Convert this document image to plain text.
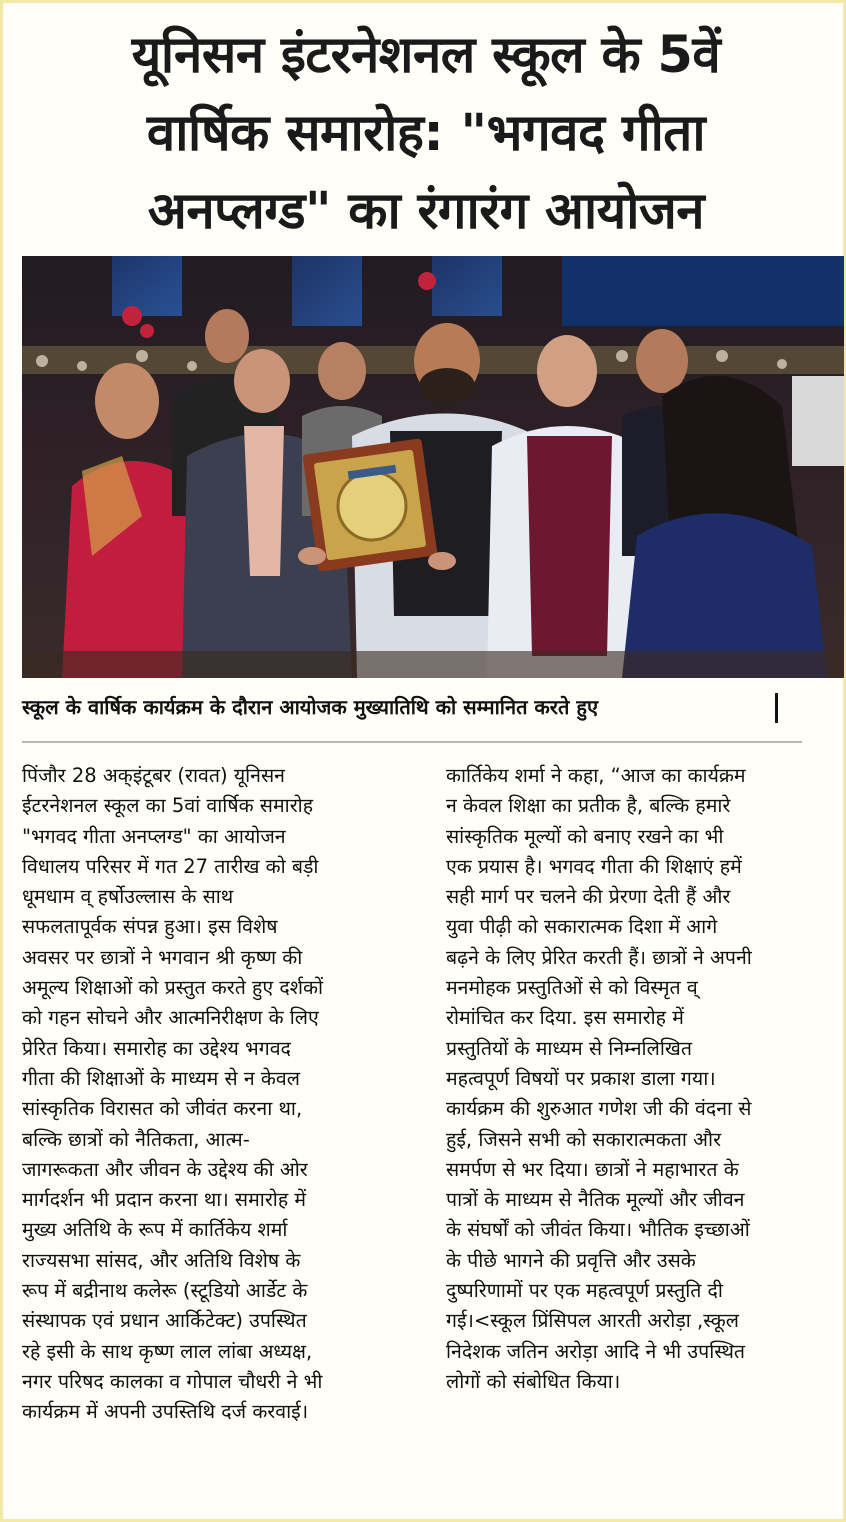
यूनिसन इंटरनेशनल स्कूल के 5वें
वार्षिक समारोह: "भगवद गीता
अनप्लग्ड" का रंगारंग आयोजन
स्कूल के वार्षिक कार्यक्रम के दौरान आयोजक मुख्यातिथि को सम्मानित करते हुए
पिंजौर 28 अक्इंटूबर (रावत) यूनिसन
ईटरनेशनल स्कूल का 5वां वार्षिक समारोह
"भगवद गीता अनप्लग्ड" का आयोजन
विधालय परिसर में गत 27 तारीख को बड़ी
धूमधाम व् हर्षोउल्लास के साथ
सफलतापूर्वक संपन्न हुआ। इस विशेष
अवसर पर छात्रों ने भगवान श्री कृष्ण की
अमूल्य शिक्षाओं को प्रस्तुत करते हुए दर्शकों
को गहन सोचने और आत्मनिरीक्षण के लिए
प्रेरित किया। समारोह का उद्देश्य भगवद
गीता की शिक्षाओं के माध्यम से न केवल
सांस्कृतिक विरासत को जीवंत करना था,
बल्कि छात्रों को नैतिकता, आत्म-
जागरूकता और जीवन के उद्देश्य की ओर
मार्गदर्शन भी प्रदान करना था। समारोह में
मुख्य अतिथि के रूप में कार्तिकेय शर्मा
राज्यसभा सांसद, और अतिथि विशेष के
रूप में बद्रीनाथ कलेरू (स्टूडियो आर्डेट के
संस्थापक एवं प्रधान आर्किटेक्ट) उपस्थित
रहे इसी के साथ कृष्ण लाल लांबा अध्यक्ष,
नगर परिषद कालका व गोपाल चौधरी ने भी
कार्यक्रम में अपनी उपस्तिथि दर्ज करवाई।
कार्तिकेय शर्मा ने कहा, “आज का कार्यक्रम
न केवल शिक्षा का प्रतीक है, बल्कि हमारे
सांस्कृतिक मूल्यों को बनाए रखने का भी
एक प्रयास है। भगवद गीता की शिक्षाएं हमें
सही मार्ग पर चलने की प्रेरणा देती हैं और
युवा पीढ़ी को सकारात्मक दिशा में आगे
बढ़ने के लिए प्रेरित करती हैं। छात्रों ने अपनी
मनमोहक प्रस्तुतिओं से को विस्मृत व्
रोमांचित कर दिया. इस समारोह में
प्रस्तुतियों के माध्यम से निम्नलिखित
महत्वपूर्ण विषयों पर प्रकाश डाला गया।
कार्यक्रम की शुरुआत गणेश जी की वंदना से
हुई, जिसने सभी को सकारात्मकता और
समर्पण से भर दिया। छात्रों ने महाभारत के
पात्रों के माध्यम से नैतिक मूल्यों और जीवन
के संघर्षों को जीवंत किया। भौतिक इच्छाओं
के पीछे भागने की प्रवृत्ति और उसके
दुष्परिणामों पर एक महत्वपूर्ण प्रस्तुति दी
गई।<स्कूल प्रिंसिपल आरती अरोड़ा ,स्कूल
निदेशक जतिन अरोड़ा आदि ने भी उपस्थित
लोगों को संबोधित किया।
